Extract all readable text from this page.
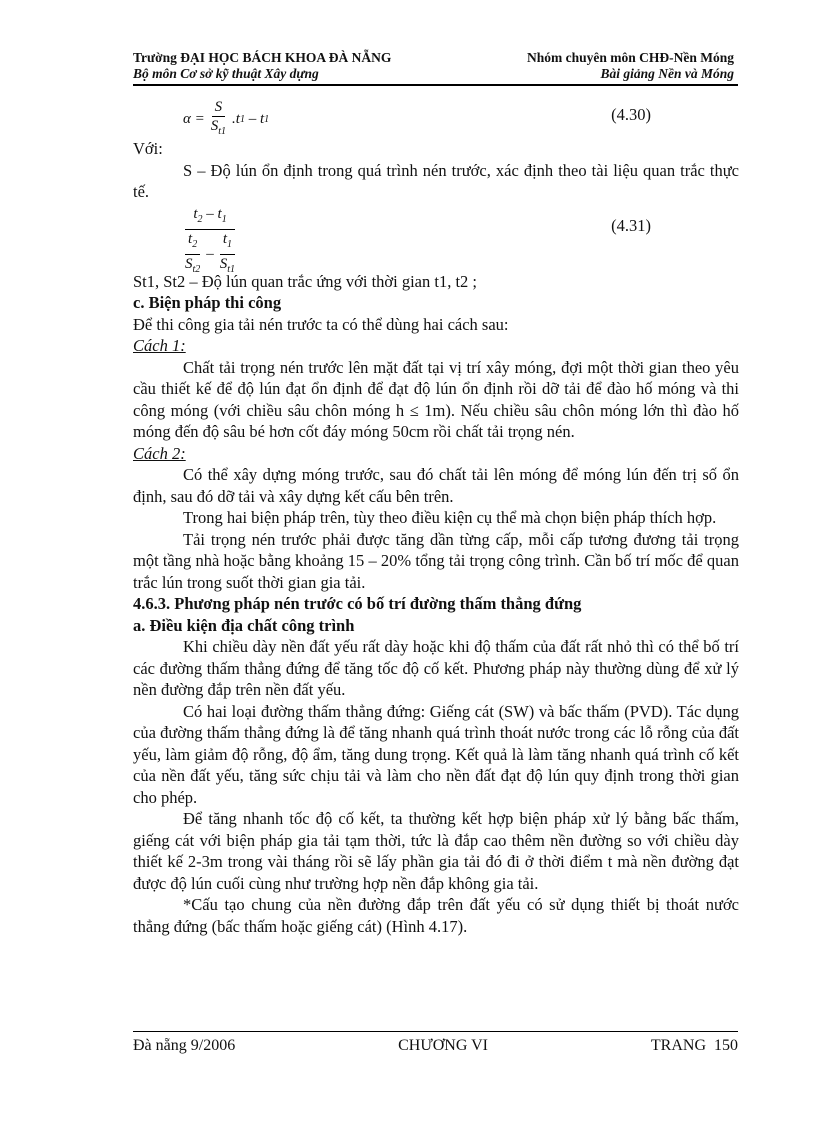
Trường ĐẠI HỌC BÁCH KHOA ĐÀ NẴNG	Nhóm chuyên môn CHĐ-Nền Móng
Bộ môn Cơ sở kỹ thuật Xây dựng	Bài giảng Nền và Móng
$\alpha = \frac{S}{S_{t1}} .t$ 1 – t 1	(4.30)

Với:

S – Độ lún ổn định trong quá trình nén trước, xác định theo tài liệu quan trắc thực tế.

$t_2 - t_1$
$\frac{t_2}{S_{t2}} - \frac{t_1}{S_{t1}}$
(4.31)

St1, St2 – Độ lún quan trắc ứng với thời gian t1, t2 ;

c. Biện pháp thi công

Để thi công gia tải nén trước ta có thể dùng hai cách sau:

Cách 1:

Chất tải trọng nén trước lên mặt đất tại vị trí xây móng, đợi một thời gian theo yêu cầu thiết kế để độ lún đạt ổn định để đạt độ lún ổn định rồi dỡ tải để đào hố móng và thi công móng (với chiều sâu chôn móng h ≤ 1m). Nếu chiều sâu chôn móng lớn thì đào hố móng đến độ sâu bé hơn cốt đáy móng 50cm rồi chất tải trọng nén.

Cách 2:

Có thể xây dựng móng trước, sau đó chất tải lên móng để móng lún đến trị số ổn định, sau đó dỡ tải và xây dựng kết cấu bên trên.

Trong hai biện pháp trên, tùy theo điều kiện cụ thể mà chọn biện pháp thích hợp.

Tải trọng nén trước phải được tăng dần từng cấp, mỗi cấp tương đương tải trọng một tầng nhà hoặc bằng khoảng 15 – 20% tổng tải trọng công trình. Cần bố trí mốc để quan trắc lún trong suốt thời gian gia tải.

4.6.3. Phương pháp nén trước có bố trí đường thấm thẳng đứng

a. Điều kiện địa chất công trình

Khi chiều dày nền đất yếu rất dày hoặc khi độ thấm của đất rất nhỏ thì có thể bố trí các đường thấm thẳng đứng để tăng tốc độ cố kết. Phương pháp này thường dùng để xử lý nền đường đắp trên nền đất yếu.

Có hai loại đường thấm thẳng đứng: Giếng cát (SW) và bấc thấm (PVD). Tác dụng của đường thấm thẳng đứng là để tăng nhanh quá trình thoát nước trong các lỗ rỗng của đất yếu, làm giảm độ rỗng, độ ẩm, tăng dung trọng. Kết quả là làm tăng nhanh quá trình cố kết của nền đất yếu, tăng sức chịu tải và làm cho nền đất đạt độ lún quy định trong thời gian cho phép.

Để tăng nhanh tốc độ cố kết, ta thường kết hợp biện pháp xử lý bằng bấc thấm, giếng cát với biện pháp gia tải tạm thời, tức là đắp cao thêm nền đường so với chiều dày thiết kế 2-3m trong vài tháng rồi sẽ lấy phần gia tải đó đi ở thời điểm t mà nền đường đạt được độ lún cuối cùng như trường hợp nền đắp không gia tải.

*Cấu tạo chung của nền đường đắp trên đất yếu có sử dụng thiết bị thoát nước thẳng đứng (bấc thấm hoặc giếng cát) (Hình 4.17).

Đà nẵng 9/2006	CHƯƠNG VI	TRANG  150
